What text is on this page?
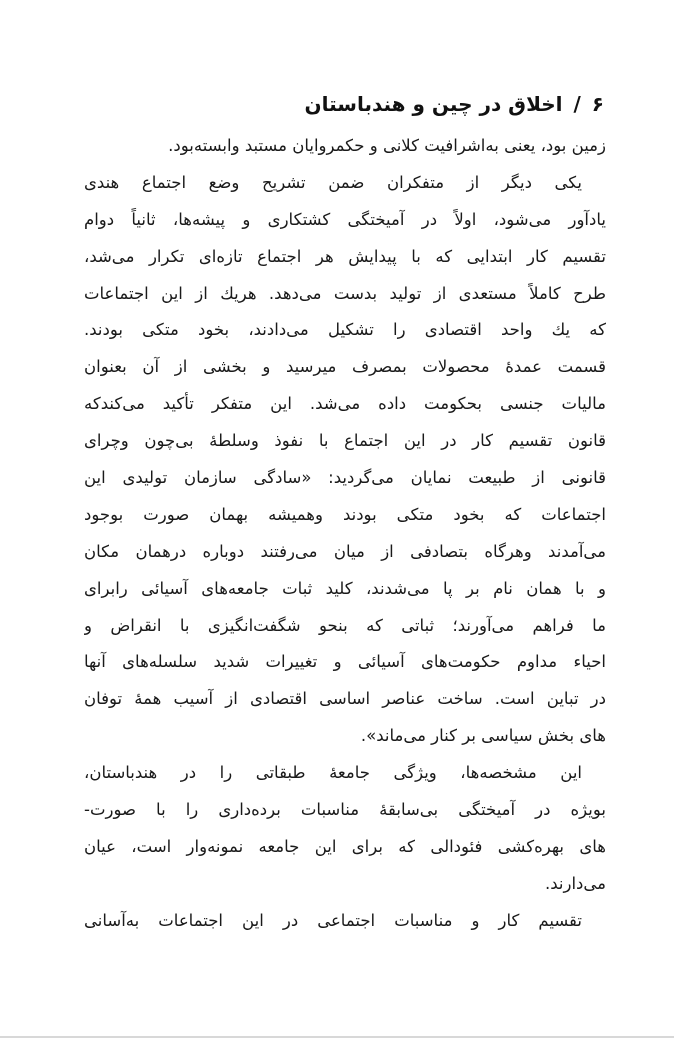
۶ / اخلاق در چین و هندباستان
زمین بود، یعنی به‌اشرافیت کلانی و حکمروایان مستبد وابسته‌بود.
یکی دیگر از متفکران ضمن تشریح وضع اجتماع هندی
یادآور می‌شود، اولاً در آمیختگی کشتکاری و پیشه‌ها، ثانیاً دوام
تقسیم کار ابتدایی که با پیدایش هر اجتماع تازه‌ای تکرار می‌شد،
طرح کاملاً مستعدی از تولید بدست می‌دهد. هریك از این اجتماعات
که یك واحد اقتصادی را تشکیل می‌دادند، بخود متکی بودند.
قسمت عمدهٔ محصولات بمصرف میرسید و بخشی از آن بعنوان
مالیات جنسی بحکومت داده می‌شد. این متفکر تأکید می‌کندکه
قانون تقسیم کار در این اجتماع با نفوذ وسلطهٔ بی‌چون وچرای
قانونی از طبیعت نمایان می‌گردید: «سادگی سازمان تولیدی این
اجتماعات که بخود متکی بودند وهمیشه بهمان صورت بوجود
می‌آمدند وهرگاه بتصادفی از میان می‌رفتند دوباره درهمان مکان
و با همان نام بر پا می‌شدند، کلید ثبات جامعه‌های آسیائی رابرای
ما فراهم می‌آورند؛ ثباتی که بنحو شگفت‌انگیزی با انقراض و
احیاء مداوم حکومت‌های آسیائی و تغییرات شدید سلسله‌های آنها
در تباین است. ساخت عناصر اساسی اقتصادی از آسیب همهٔ توفان
های بخش سیاسی بر کنار می‌ماند».
این مشخصه‌ها، ویژگی جامعهٔ طبقاتی را در هندباستان،
بویژه در آمیختگی بی‌سابقهٔ مناسبات برده‌داری را با صورت-
های بهره‌کشی فئودالی که برای این جامعه نمونه‌وار است، عیان
می‌دارند.
تقسیم کار و مناسبات اجتماعی در این اجتماعات به‌آسانی
